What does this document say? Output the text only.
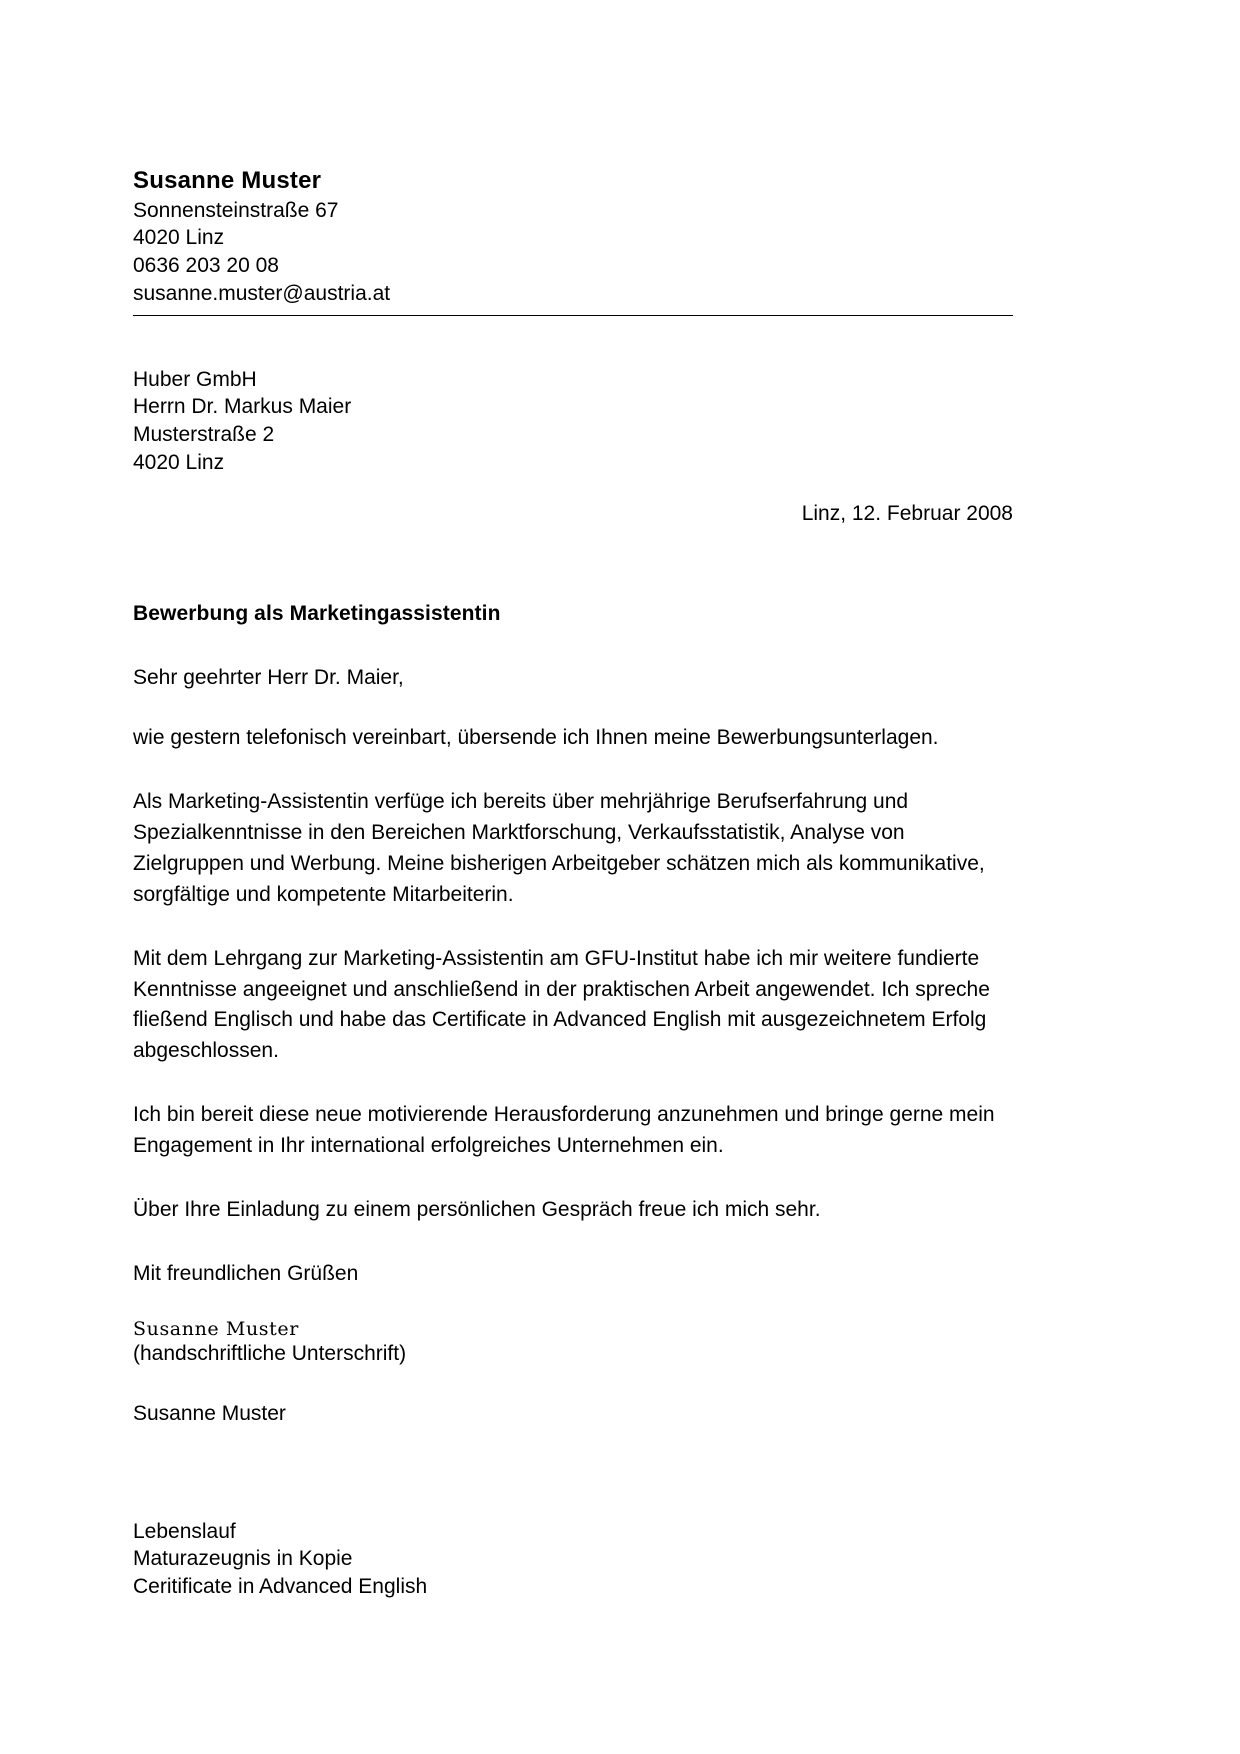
Susanne Muster
Sonnensteinstraße 67
4020 Linz
0636 203 20 08
susanne.muster@austria.at
Huber GmbH
Herrn Dr. Markus Maier
Musterstraße 2
4020 Linz
Linz, 12. Februar 2008
Bewerbung als Marketingassistentin
Sehr geehrter Herr Dr. Maier,
wie gestern telefonisch vereinbart, übersende ich Ihnen meine Bewerbungsunterlagen.
Als Marketing-Assistentin verfüge ich bereits über mehrjährige Berufserfahrung und Spezialkenntnisse in den Bereichen Marktforschung, Verkaufsstatistik, Analyse von Zielgruppen und Werbung. Meine bisherigen Arbeitgeber schätzen mich als kommunikative, sorgfältige und kompetente Mitarbeiterin.
Mit dem Lehrgang zur Marketing-Assistentin am GFU-Institut habe ich mir weitere fundierte Kenntnisse angeeignet und anschließend in der praktischen Arbeit angewendet. Ich spreche fließend Englisch und habe das Certificate in Advanced English mit ausgezeichnetem Erfolg abgeschlossen.
Ich bin bereit diese neue motivierende Herausforderung anzunehmen und bringe gerne mein Engagement in Ihr international erfolgreiches Unternehmen ein.
Über Ihre Einladung zu einem persönlichen Gespräch freue ich mich sehr.
Mit freundlichen Grüßen
Susanne Muster
(handschriftliche Unterschrift)
Susanne Muster
Lebenslauf
Maturazeugnis in Kopie
Ceritificate in Advanced English
